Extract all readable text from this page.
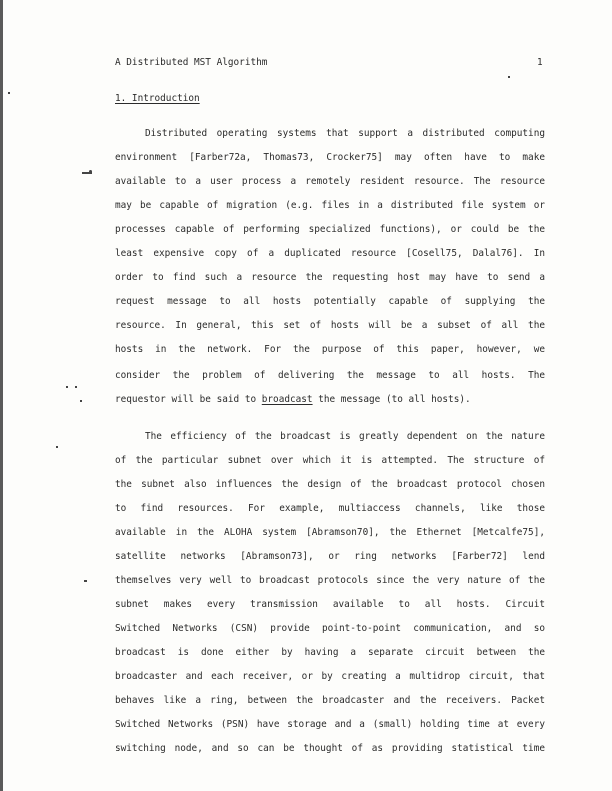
A Distributed MST Algorithm	1
1. Introduction
Distributed operating systems that support a distributed computing
environment [Farber72a, Thomas73, Crocker75] may often have to make
available to a user process a remotely resident resource. The resource
may be capable of migration (e.g. files in a distributed file system or
processes capable of performing specialized functions), or could be the
least expensive copy of a duplicated resource [Cosell75, Dalal76]. In
order to find such a resource the requesting host may have to send a
request message to all hosts potentially capable of supplying the
resource. In general, this set of hosts will be a subset of all the
hosts in the network. For the purpose of this paper, however, we
consider the problem of delivering the message to all hosts. The
requestor will be said to broadcast the message (to all hosts).
The efficiency of the broadcast is greatly dependent on the nature
of the particular subnet over which it is attempted. The structure of
the subnet also influences the design of the broadcast protocol chosen
to find resources. For example, multiaccess channels, like those
available in the ALOHA system [Abramson70], the Ethernet [Metcalfe75],
satellite networks [Abramson73], or ring networks [Farber72] lend
themselves very well to broadcast protocols since the very nature of the
subnet makes every transmission available to all hosts. Circuit
Switched Networks (CSN) provide point-to-point communication, and so
broadcast is done either by having a separate circuit between the
broadcaster and each receiver, or by creating a multidrop circuit, that
behaves like a ring, between the broadcaster and the receivers. Packet
Switched Networks (PSN) have storage and a (small) holding time at every
switching node, and so can be thought of as providing statistical time
